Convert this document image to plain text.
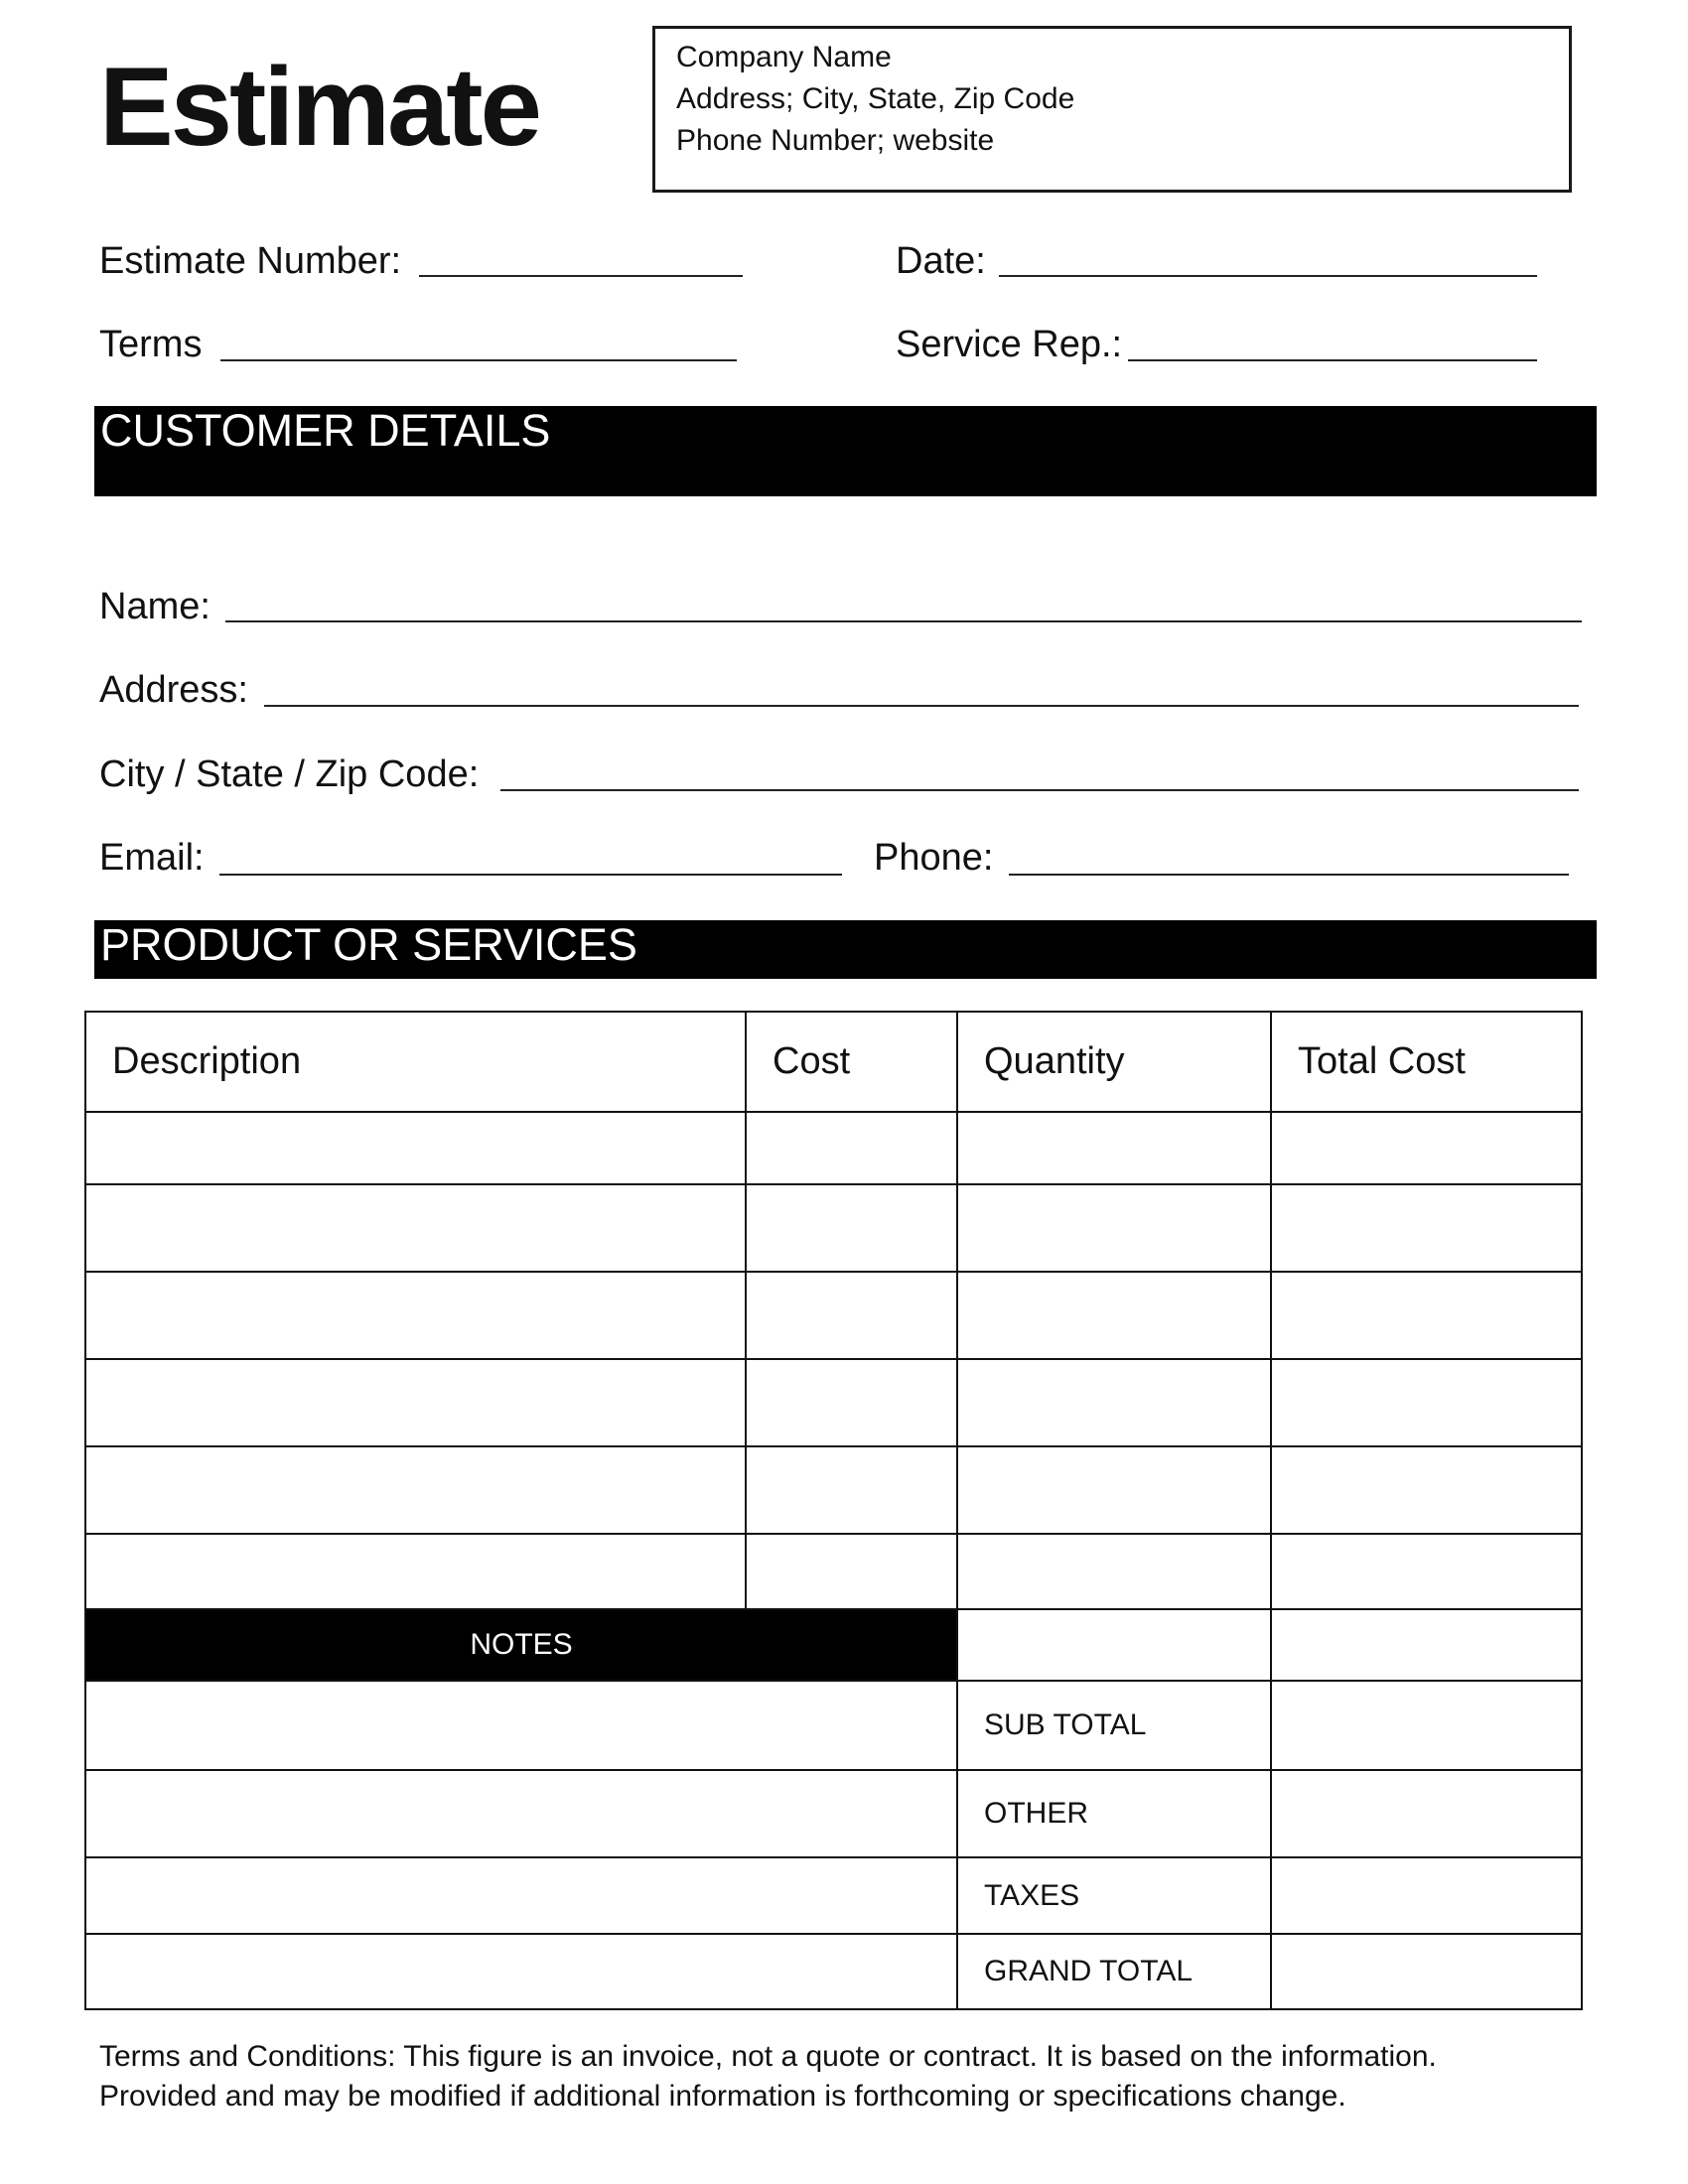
Estimate	Company Name
Address; City, State, Zip Code
Phone Number; website
Estimate Number:	Date:
Terms	Service Rep.:
CUSTOMER DETAILS
Name:
Address:
City / State / Zip Code:
Email:	Phone:
PRODUCT OR SERVICES
Description	Cost	Quantity	Total Cost

NOTES			
		SUB TOTAL	
		OTHER	
		TAXES	
		GRAND TOTAL	
Terms and Conditions: This figure is an invoice, not a quote or contract. It is based on the information.
Provided and may be modified if additional information is forthcoming or specifications change.
